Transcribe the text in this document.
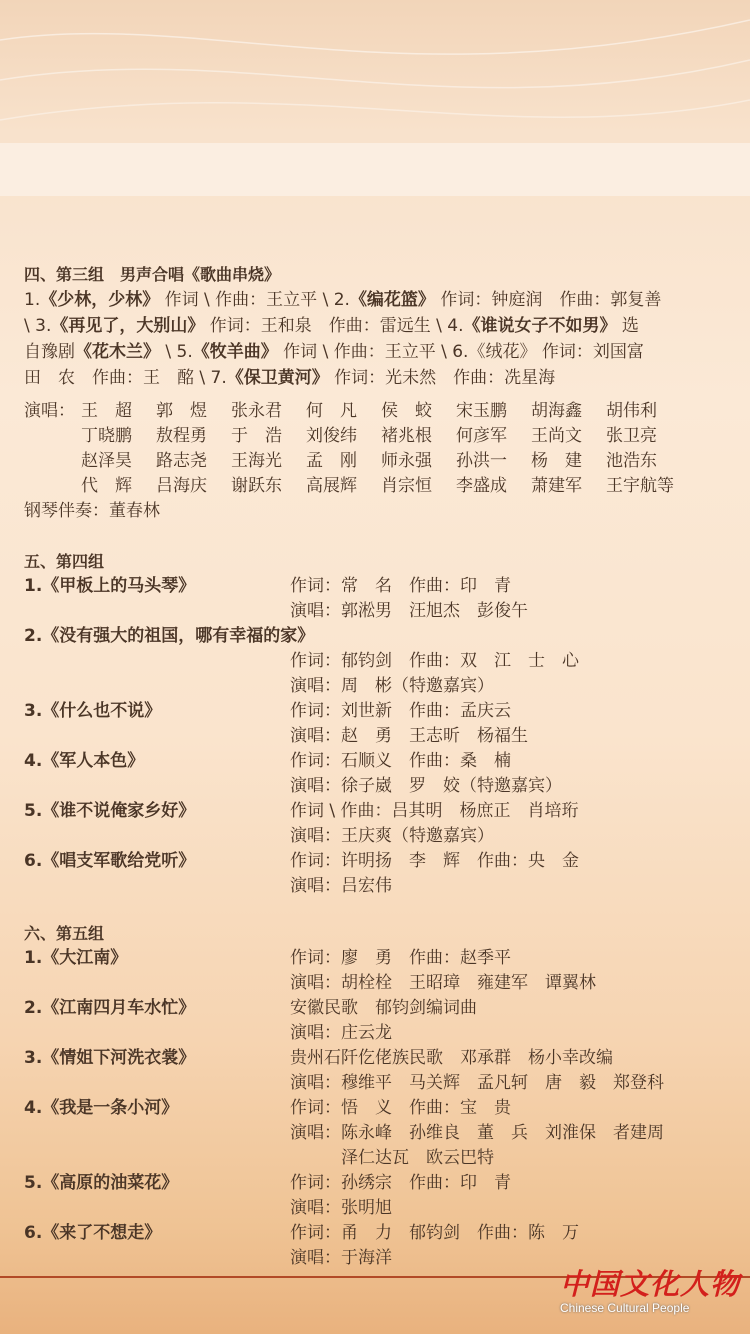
四、第三组　男声合唱《歌曲串烧》
1.《少林，少林》 作词 \ 作曲：王立平 \ 2.《编花篮》 作词：钟庭润　作曲：郭复善
\ 3.《再见了，大别山》 作词：王和泉　作曲：雷远生 \ 4.《谁说女子不如男》 选
自豫剧《花木兰》 \ 5.《牧羊曲》 作词 \ 作曲：王立平 \ 6.《绒花》 作词：刘国富
田　农　作曲：王　酩 \ 7.《保卫黄河》 作词：光未然　作曲：冼星海
演唱： 王　超	郭　煜	张永君	何　凡	侯　蛟	宋玉鹏	胡海鑫	胡伟利
丁晓鹏	敖程勇	于　浩	刘俊纬	褚兆根	何彦军	王尚文	张卫亮
赵泽昊	路志尧	王海光	孟　刚	师永强	孙洪一	杨　建	池浩东
代　辉	吕海庆	谢跃东	高展辉	肖宗恒	李盛成	萧建军	王宇航等
钢琴伴奏：董春林
五、第四组
1.《甲板上的马头琴》	作词：常　名　作曲：印　青
演唱：郭淞男　汪旭杰　彭俊午
2.《没有强大的祖国，哪有幸福的家》
作词：郁钧剑　作曲：双　江　士　心
演唱：周　彬（特邀嘉宾）
3.《什么也不说》	作词：刘世新　作曲：孟庆云
演唱：赵　勇　王志昕　杨福生
4.《军人本色》	作词：石顺义　作曲：桑　楠
演唱：徐子崴　罗　姣（特邀嘉宾）
5.《谁不说俺家乡好》	作词 \ 作曲：吕其明　杨庶正　肖培珩
演唱：王庆爽（特邀嘉宾）
6.《唱支军歌给党听》	作词：许明扬　李　辉　作曲：央　金
演唱：吕宏伟
六、第五组
1.《大江南》	作词：廖　勇　作曲：赵季平
演唱：胡栓栓　王昭璋　雍建军　谭翼林
2.《江南四月车水忙》	安徽民歌　郁钧剑编词曲
演唱：庄云龙
3.《情姐下河洗衣裳》	贵州石阡仡佬族民歌　邓承群　杨小幸改编
演唱：穆维平　马关辉　孟凡轲　唐　毅　郑登科
4.《我是一条小河》	作词：悟　义　作曲：宝　贵
演唱：陈永峰　孙维良　董　兵　刘淮保　者建周
　　　泽仁达瓦　欧云巴特
5.《高原的油菜花》	作词：孙绣宗　作曲：印　青
演唱：张明旭
6.《来了不想走》	作词：甬　力　郁钧剑　作曲：陈　万
演唱：于海洋
中国文化人物
Chinese Cultural People
